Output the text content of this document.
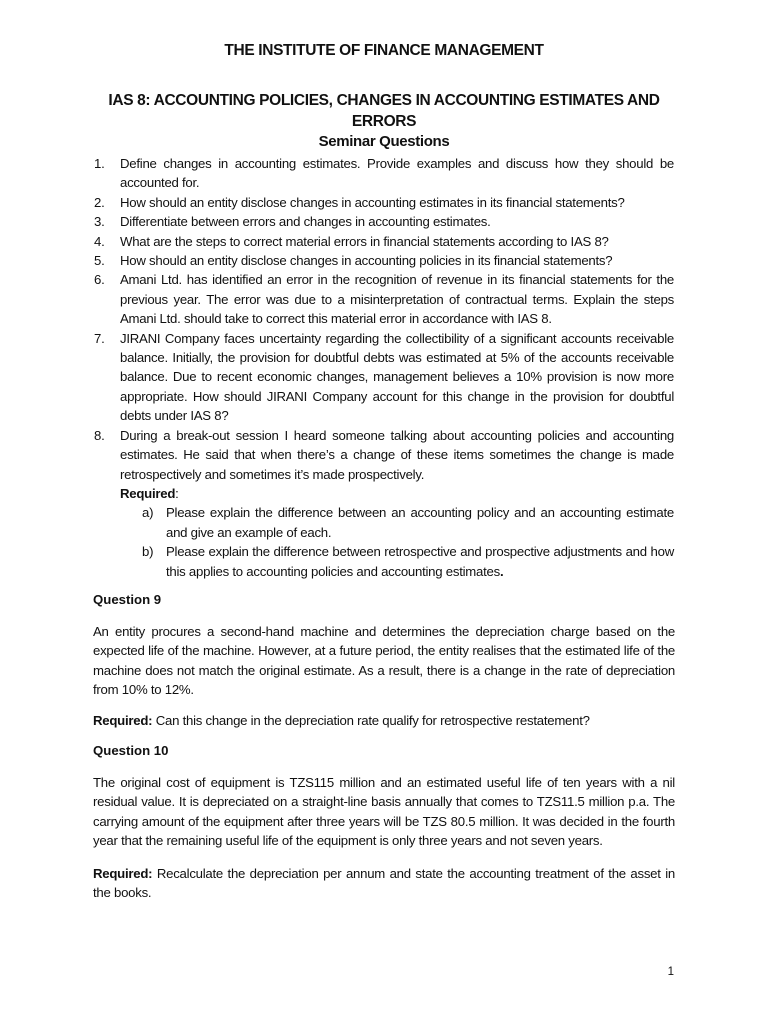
THE INSTITUTE OF FINANCE MANAGEMENT
IAS 8: ACCOUNTING POLICIES, CHANGES IN ACCOUNTING ESTIMATES AND ERRORS
Seminar Questions
1.	Define changes in accounting estimates. Provide examples and discuss how they should be accounted for.
2.	How should an entity disclose changes in accounting estimates in its financial statements?
3.	Differentiate between errors and changes in accounting estimates.
4.	What are the steps to correct material errors in financial statements according to IAS 8?
5.	How should an entity disclose changes in accounting policies in its financial statements?
6.	Amani Ltd. has identified an error in the recognition of revenue in its financial statements for the previous year. The error was due to a misinterpretation of contractual terms. Explain the steps Amani Ltd. should take to correct this material error in accordance with IAS 8.
7.	JIRANI Company faces uncertainty regarding the collectibility of a significant accounts receivable balance. Initially, the provision for doubtful debts was estimated at 5% of the accounts receivable balance. Due to recent economic changes, management believes a 10% provision is now more appropriate. How should JIRANI Company account for this change in the provision for doubtful debts under IAS 8?
8.	During a break-out session I heard someone talking about accounting policies and accounting estimates. He said that when there’s a change of these items sometimes the change is made retrospectively and sometimes it’s made prospectively.
Required:
a) Please explain the difference between an accounting policy and an accounting estimate and give an example of each.
b) Please explain the difference between retrospective and prospective adjustments and how this applies to accounting policies and accounting estimates.
Question 9
An entity procures a second-hand machine and determines the depreciation charge based on the expected life of the machine. However, at a future period, the entity realises that the estimated life of the machine does not match the original estimate. As a result, there is a change in the rate of depreciation from 10% to 12%.
Required: Can this change in the depreciation rate qualify for retrospective restatement?
Question 10
The original cost of equipment is TZS115 million and an estimated useful life of ten years with a nil residual value. It is depreciated on a straight-line basis annually that comes to TZS11.5 million p.a. The carrying amount of the equipment after three years will be TZS 80.5 million. It was decided in the fourth year that the remaining useful life of the equipment is only three years and not seven years.
Required: Recalculate the depreciation per annum and state the accounting treatment of the asset in the books.
1
